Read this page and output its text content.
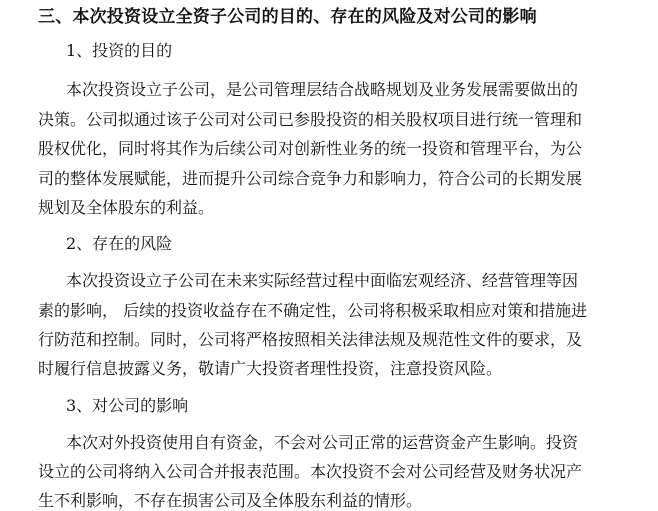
三、本次投资设立全资子公司的目的、存在的风险及对公司的影响
1、投资的目的
本次投资设立子公司，是公司管理层结合战略规划及业务发展需要做出的
决策。公司拟通过该子公司对公司已参股投资的相关股权项目进行统一管理和
股权优化，同时将其作为后续公司对创新性业务的统一投资和管理平台，为公
司的整体发展赋能，进而提升公司综合竞争力和影响力，符合公司的长期发展
规划及全体股东的利益。
2、存在的风险
本次投资设立子公司在未来实际经营过程中面临宏观经济、经营管理等因
素的影响， 后续的投资收益存在不确定性，公司将积极采取相应对策和措施进
行防范和控制。同时，公司将严格按照相关法律法规及规范性文件的要求，及
时履行信息披露义务，敬请广大投资者理性投资，注意投资风险。
3、对公司的影响
本次对外投资使用自有资金，不会对公司正常的运营资金产生影响。投资
设立的公司将纳入公司合并报表范围。本次投资不会对公司经营及财务状况产
生不利影响，不存在损害公司及全体股东利益的情形。
